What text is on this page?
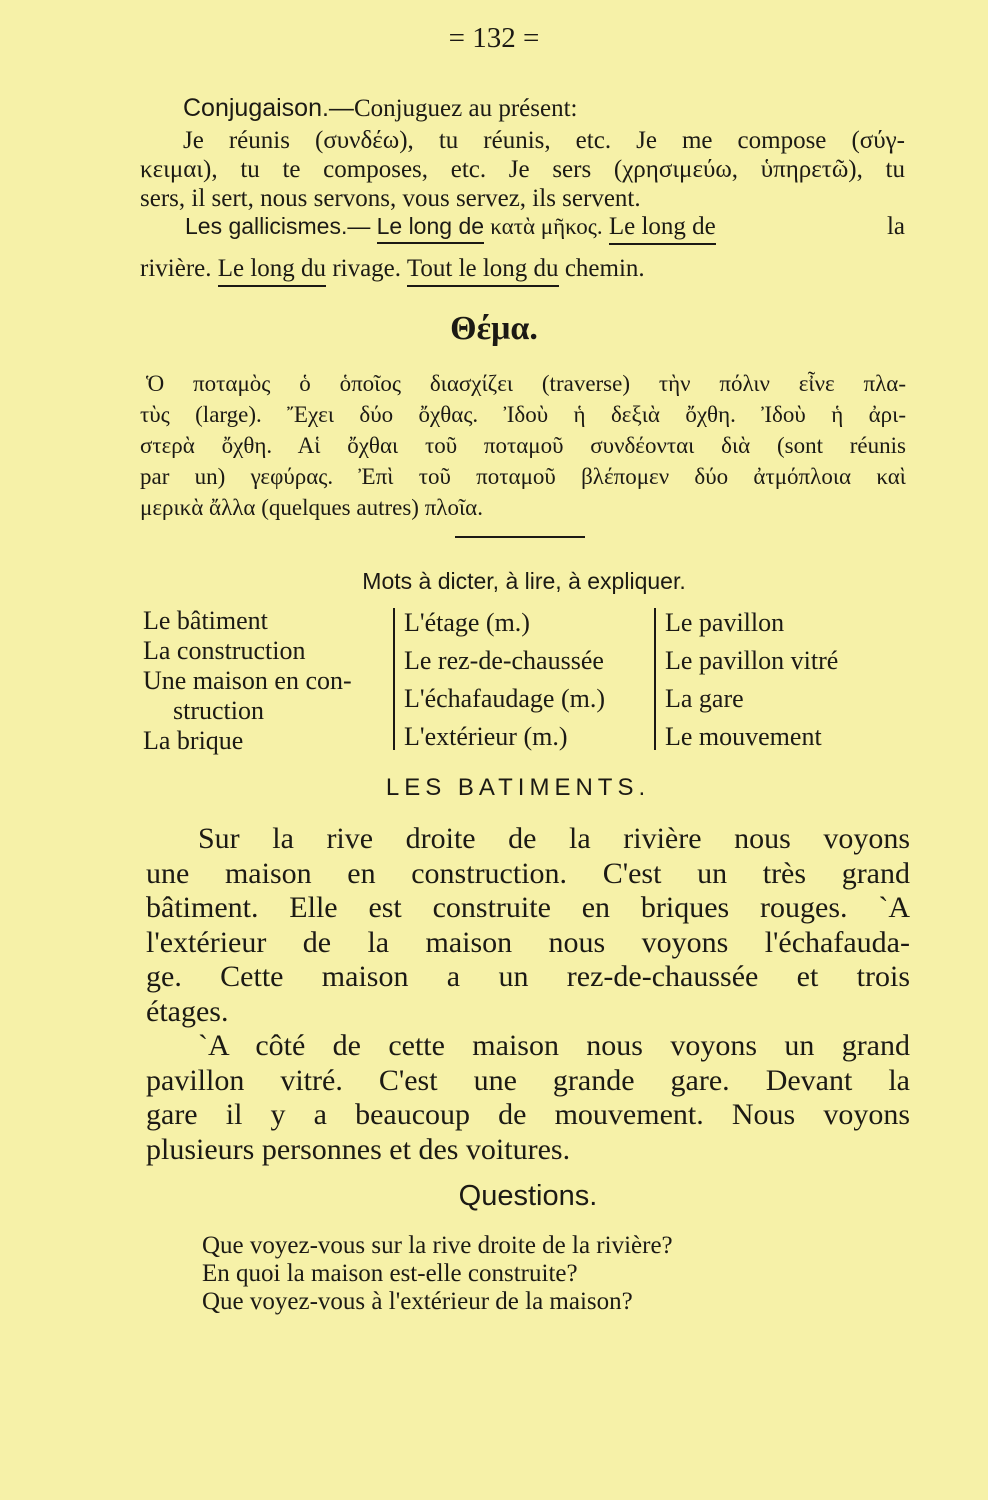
= 132 =
Conjugaison.—Conjuguez au présent:
Je réunis (συνδέω), tu réunis, etc. Je me compose (σύγ-
κειμαι), tu te composes, etc. Je sers (χρησιμεύω, ὑπηρετῶ), tu
sers, il sert, nous servons, vous servez, ils servent.
Les gallicismes.— Le long de κατὰ μῆκος. Le long de	la
rivière. Le long du rivage. Tout le long du chemin.
Θέμα.
Ὁ ποταμὸς ὁ ὁποῖος διασχίζει (traverse) τὴν πόλιν εἶνε πλα-
τὺς (large). Ἔχει δύο ὄχθας. Ἰδοὺ ἡ δεξιὰ ὄχθη. Ἰδοὺ ἡ ἀρι-
στερὰ ὄχθη. Αἱ ὄχθαι τοῦ ποταμοῦ συνδέονται διὰ (sont réunis
par un) γεφύρας. Ἐπὶ τοῦ ποταμοῦ βλέπομεν δύο ἀτμόπλοια καὶ
μερικὰ ἄλλα (quelques autres) πλοῖα.
Mots à dicter, à lire, à expliquer.
Le bâtiment
La construction
Une maison en con-
struction
La brique
L'étage (m.)
Le rez-de-chaussée
L'échafaudage (m.)
L'extérieur (m.)
Le pavillon
Le pavillon vitré
La gare
Le mouvement
LES BATIMENTS.
Sur la rive droite de la rivière nous voyons
une maison en construction. C'est un très grand
bâtiment. Elle est construite en briques rouges. `A
l'extérieur de la maison nous voyons l'échafauda-
ge. Cette maison a un rez-de-chaussée et trois
étages.
`A côté de cette maison nous voyons un grand
pavillon vitré. C'est une grande gare. Devant la
gare il y a beaucoup de mouvement. Nous voyons
plusieurs personnes et des voitures.
Questions.
Que voyez-vous sur la rive droite de la rivière?
En quoi la maison est-elle construite?
Que voyez-vous à l'extérieur de la maison?
